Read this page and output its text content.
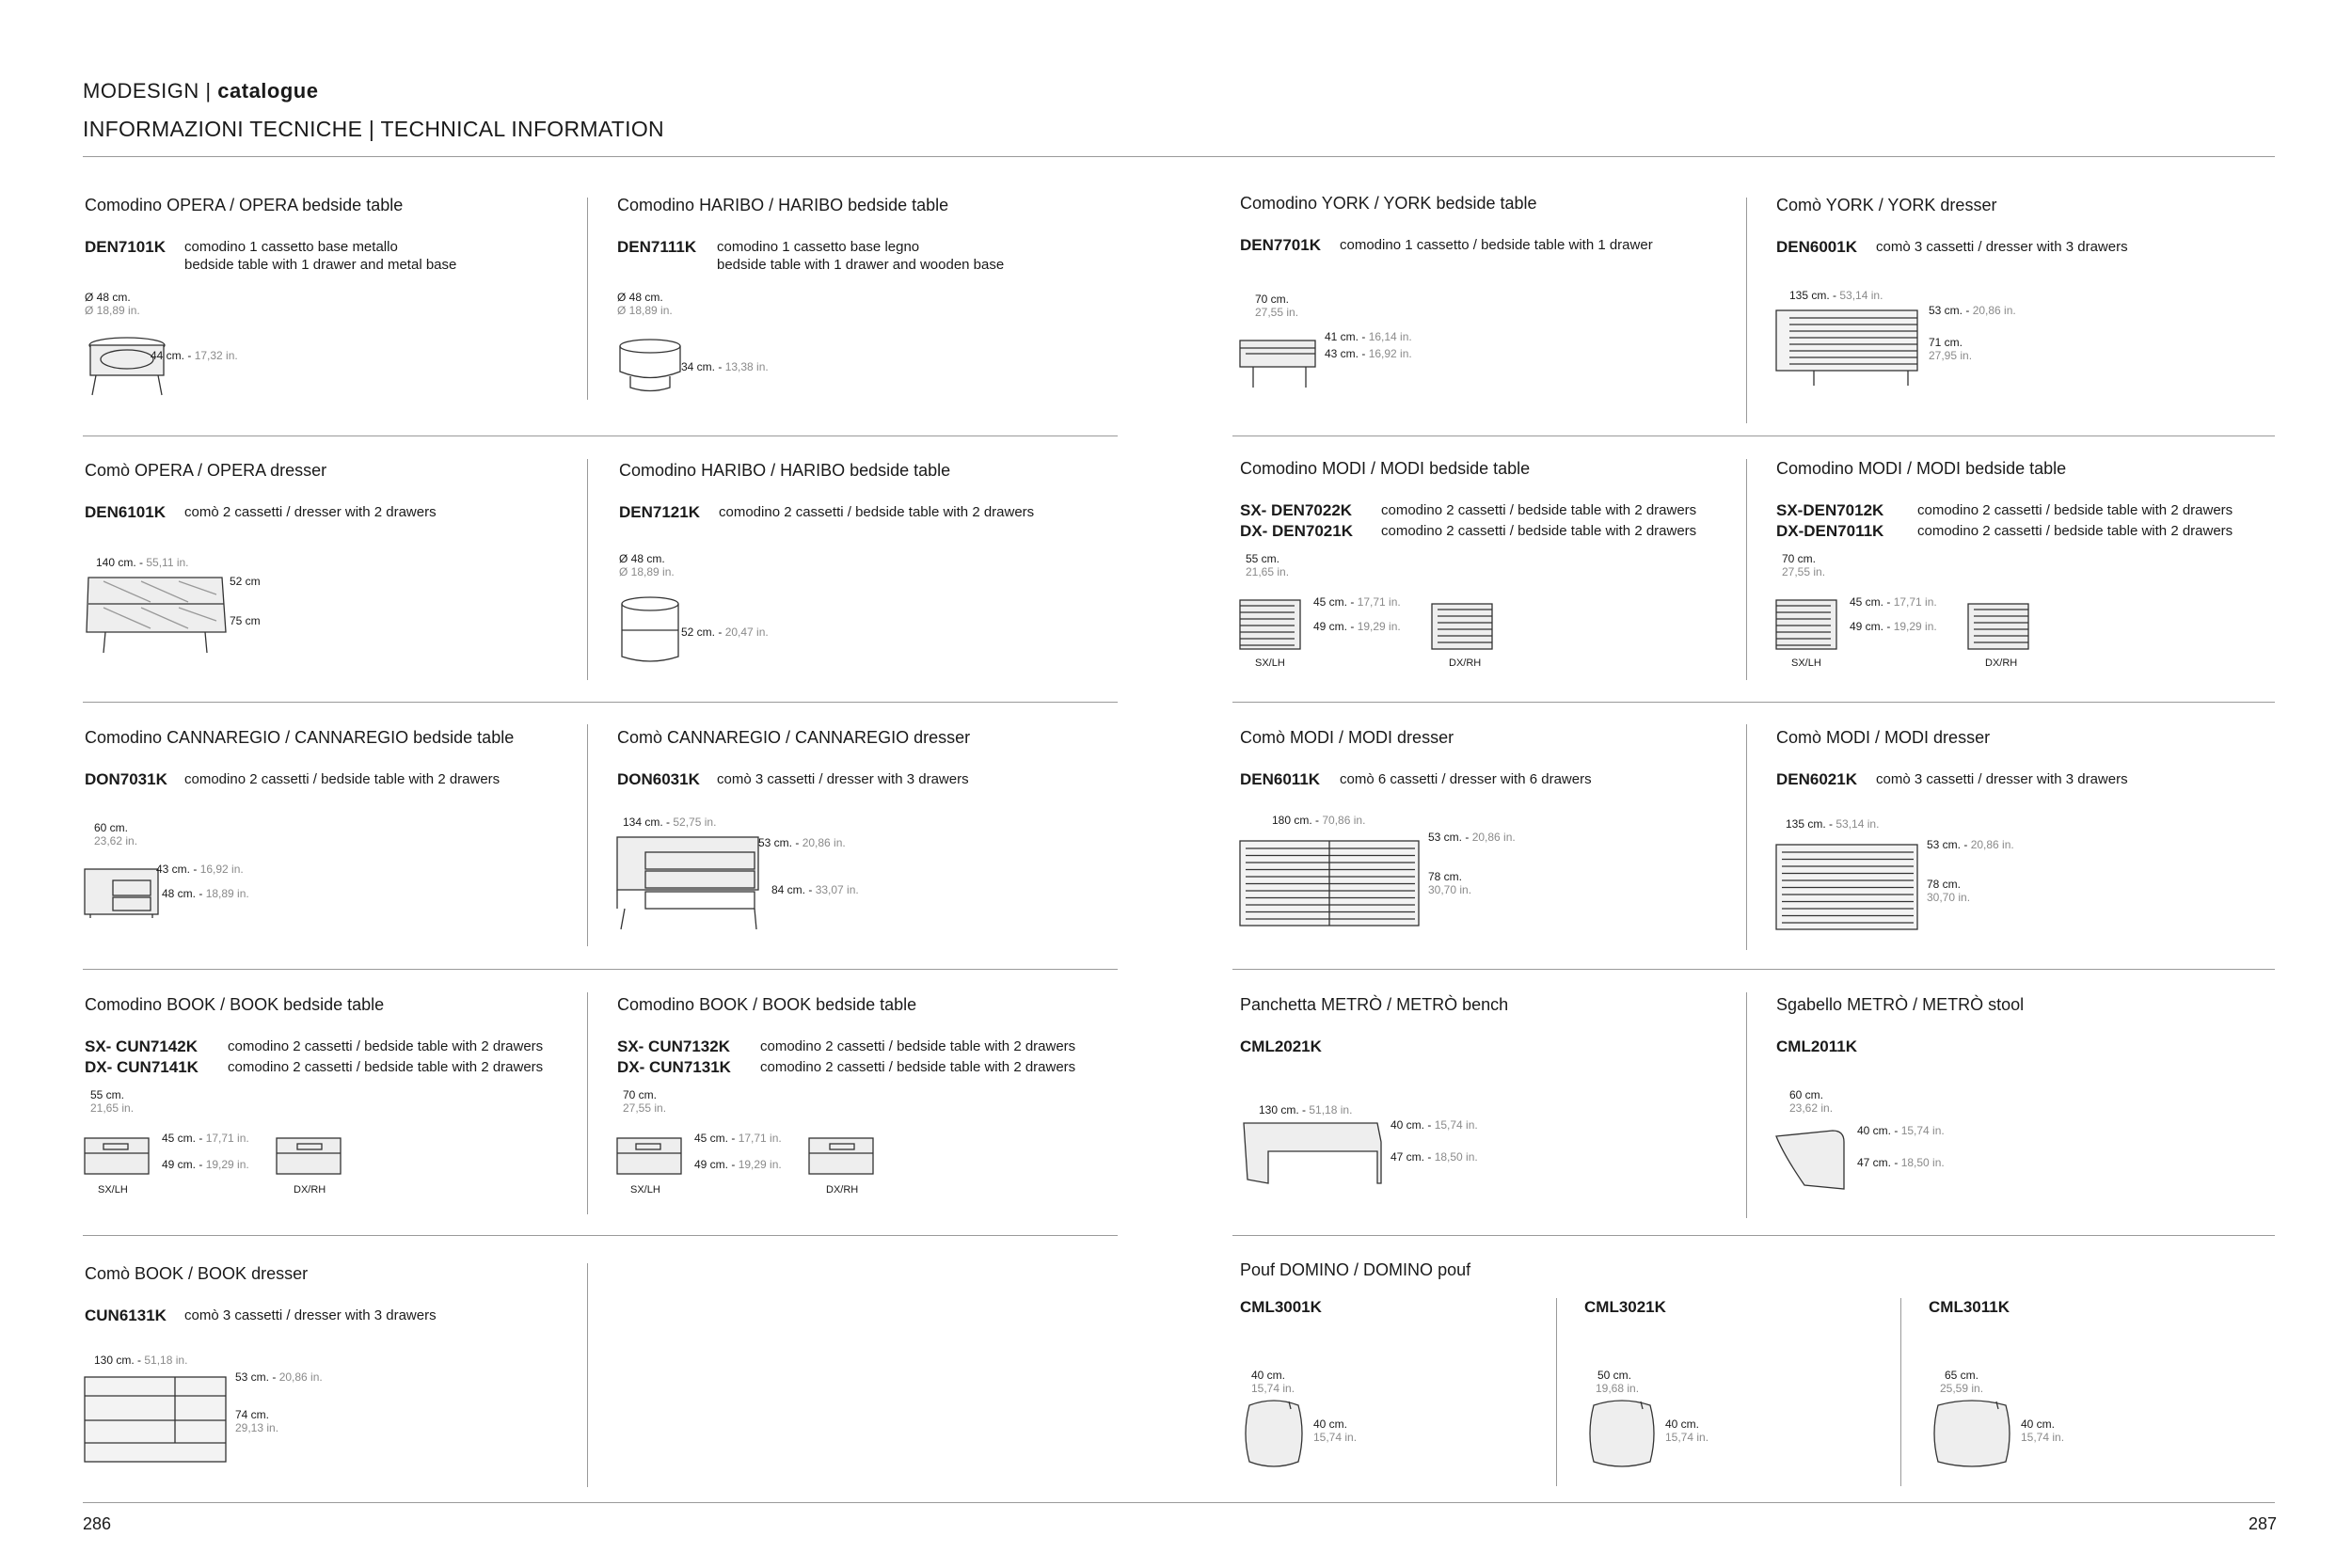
MODESIGN | catalogue
INFORMAZIONI TECNICHE | TECHNICAL INFORMATION
Comodino OPERA / OPERA bedside table
DEN7101K	comodino 1 cassetto base metallo
bedside table with 1 drawer and metal base
Ø 48 cm.
Ø 18,89 in.
44 cm. - 17,32 in.
Comodino HARIBO / HARIBO bedside table
DEN7111K	comodino 1 cassetto base legno
bedside table with 1 drawer and wooden base
Ø 48 cm.
Ø 18,89 in.
34 cm. - 13,38 in.
Comodino YORK / YORK bedside table
DEN7701K	comodino 1 cassetto / bedside table with 1 drawer
70 cm.
27,55 in.
41 cm. - 16,14 in.
43 cm. - 16,92 in.
Comò YORK / YORK dresser
DEN6001K	comò 3 cassetti / dresser with 3 drawers
135 cm. - 53,14 in.
53 cm. - 20,86 in.
71 cm.
27,95 in.
Comò OPERA / OPERA dresser
DEN6101K	comò 2 cassetti / dresser with 2 drawers
140 cm. - 55,11 in.
52 cm
75 cm
Comodino HARIBO / HARIBO bedside table
DEN7121K	comodino 2 cassetti / bedside table with 2 drawers
Ø 48 cm.
Ø 18,89 in.
52 cm. - 20,47 in.
Comodino MODI / MODI bedside table
SX- DEN7022K	comodino 2 cassetti / bedside table with 2 drawers
DX- DEN7021K	comodino 2 cassetti / bedside table with 2 drawers
55 cm.
21,65 in.
45 cm. - 17,71 in.
49 cm. - 19,29 in.
SX/LH	DX/RH
Comodino MODI / MODI bedside table
SX-DEN7012K	comodino 2 cassetti / bedside table with 2 drawers
DX-DEN7011K	comodino 2 cassetti / bedside table with 2 drawers
70 cm.
27,55 in.
45 cm. - 17,71 in.
49 cm. - 19,29 in.
SX/LH	DX/RH
Comodino CANNAREGIO / CANNAREGIO bedside table
DON7031K	comodino 2 cassetti / bedside table with 2 drawers
60 cm.
23,62 in.
43 cm. - 16,92 in.
48 cm. - 18,89 in.
Comò CANNAREGIO / CANNAREGIO dresser
DON6031K	comò 3 cassetti / dresser with 3 drawers
134 cm. - 52,75 in.
53 cm. - 20,86 in.
84 cm. - 33,07 in.
Comò MODI / MODI dresser
DEN6011K	comò 6 cassetti / dresser with 6 drawers
180 cm. - 70,86 in.
53 cm. - 20,86 in.
78 cm.
30,70 in.
Comò MODI / MODI dresser
DEN6021K	comò 3 cassetti / dresser with 3 drawers
135 cm. - 53,14 in.
53 cm. - 20,86 in.
78 cm.
30,70 in.
Comodino BOOK / BOOK bedside table
SX- CUN7142K	comodino 2 cassetti / bedside table with 2 drawers
DX- CUN7141K	comodino 2 cassetti / bedside table with 2 drawers
55 cm.
21,65 in.
45 cm. - 17,71 in.
49 cm. - 19,29 in.
SX/LH	DX/RH
Comodino BOOK / BOOK bedside table
SX- CUN7132K	comodino 2 cassetti / bedside table with 2 drawers
DX- CUN7131K	comodino 2 cassetti / bedside table with 2 drawers
70 cm.
27,55 in.
45 cm. - 17,71 in.
49 cm. - 19,29 in.
SX/LH	DX/RH
Panchetta METRÒ / METRÒ bench
CML2021K
130 cm. - 51,18 in.
40 cm. - 15,74 in.
47 cm. - 18,50 in.
Sgabello METRÒ / METRÒ stool
CML2011K
60 cm.
23,62 in.
40 cm. - 15,74 in.
47 cm. - 18,50 in.
Comò BOOK / BOOK dresser
CUN6131K	comò 3 cassetti / dresser with 3 drawers
130 cm. - 51,18 in.
53 cm. - 20,86 in.
74 cm.
29,13 in.
Pouf DOMINO / DOMINO pouf
CML3001K
40 cm.
15,74 in.
40 cm.
15,74 in.
CML3021K
50 cm.
19,68 in.
40 cm.
15,74 in.
CML3011K
65 cm.
25,59 in.
40 cm.
15,74 in.
286	287
